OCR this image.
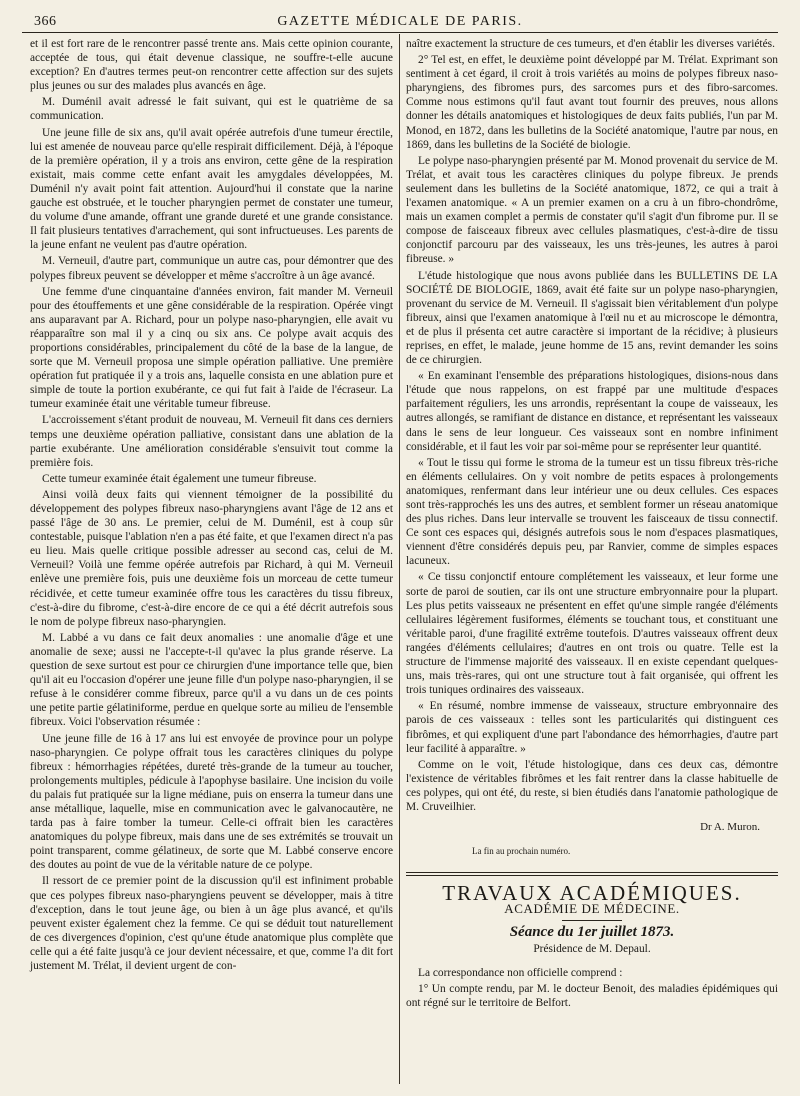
366	GAZETTE MÉDICALE DE PARIS.

et il est fort rare de le rencontrer passé trente ans. Mais cette opinion courante, acceptée de tous, qui était devenue classique, ne souffre-t-elle aucune exception? En d'autres termes peut-on rencontrer cette affection sur des sujets plus jeunes ou sur des malades plus avancés en âge.

M. Duménil avait adressé le fait suivant, qui est le quatrième de sa communication.

Une jeune fille de six ans, qu'il avait opérée autrefois d'une tumeur érectile, lui est amenée de nouveau parce qu'elle respirait difficilement. Déjà, à l'époque de la première opération, il y a trois ans environ, cette gêne de la respiration existait, mais comme cette enfant avait les amygdales développées, M. Duménil n'y avait point fait attention. Aujourd'hui il constate que la narine gauche est obstruée, et le toucher pharyngien permet de constater une tumeur, du volume d'une amande, offrant une grande dureté et une grande consistance. Il fait plusieurs tentatives d'arrachement, qui sont infructueuses. Les parents de la jeune enfant ne veulent pas d'autre opération.

M. Verneuil, d'autre part, communique un autre cas, pour démontrer que des polypes fibreux peuvent se développer et même s'accroître à un âge avancé.

Une femme d'une cinquantaine d'années environ, fait mander M. Verneuil pour des étouffements et une gêne considérable de la respiration. Opérée vingt ans auparavant par A. Richard, pour un polype naso-pharyngien, elle avait vu réapparaître son mal il y a cinq ou six ans. Ce polype avait acquis des proportions considérables, principalement du côté de la base de la langue, de sorte que M. Verneuil proposa une simple opération palliative. Une première opération fut pratiquée il y a trois ans, laquelle consista en une ablation pure et simple de toute la portion exubérante, ce qui fut fait à l'aide de l'écraseur. La tumeur examinée était une véritable tumeur fibreuse.

L'accroissement s'étant produit de nouveau, M. Verneuil fit dans ces derniers temps une deuxième opération palliative, consistant dans une ablation de la partie exubérante. Une amélioration considérable s'ensuivit tout comme la première fois.

Cette tumeur examinée était également une tumeur fibreuse.

Ainsi voilà deux faits qui viennent témoigner de la possibilité du développement des polypes fibreux naso-pharyngiens avant l'âge de 12 ans et passé l'âge de 30 ans. Le premier, celui de M. Duménil, est à coup sûr contestable, puisque l'ablation n'en a pas été faite, et que l'examen direct n'a pas eu lieu. Mais quelle critique possible adresser au second cas, celui de M. Verneuil? Voilà une femme opérée autrefois par Richard, à qui M. Verneuil enlève une première fois, puis une deuxième fois un morceau de cette tumeur récidivée, et cette tumeur examinée offre tous les caractères du tissu fibreux, c'est-à-dire du fibrome, c'est-à-dire encore de ce qui a été décrit autrefois sous le nom de polype fibreux naso-pharyngien.

M. Labbé a vu dans ce fait deux anomalies : une anomalie d'âge et une anomalie de sexe; aussi ne l'accepte-t-il qu'avec la plus grande réserve. La question de sexe surtout est pour ce chirurgien d'une importance telle que, bien qu'il ait eu l'occasion d'opérer une jeune fille d'un polype naso-pharyngien, il se refuse à le considérer comme fibreux, parce qu'il a vu dans un de ces points une petite partie gélatiniforme, perdue en quelque sorte au milieu de l'ensemble fibreux. Voici l'observation résumée :

Une jeune fille de 16 à 17 ans lui est envoyée de province pour un polype naso-pharyngien. Ce polype offrait tous les caractères cliniques du polype fibreux : hémorrhagies répétées, dureté très-grande de la tumeur au toucher, prolongements multiples, pédicule à l'apophyse basilaire. Une incision du voile du palais fut pratiquée sur la ligne médiane, puis on enserra la tumeur dans une anse métallique, laquelle, mise en communication avec le galvanocautère, ne tarda pas à faire tomber la tumeur. Celle-ci offrait bien les caractères anatomiques du polype fibreux, mais dans une de ses extrémités se trouvait un point transparent, comme gélatineux, de sorte que M. Labbé conserve encore des doutes au point de vue de la véritable nature de ce polype.

Il ressort de ce premier point de la discussion qu'il est infiniment probable que ces polypes fibreux naso-pharyngiens peuvent se développer, mais à titre d'exception, dans le tout jeune âge, ou bien à un âge plus avancé, et qu'ils peuvent exister également chez la femme. Ce qui se déduit tout naturellement de ces divergences d'opinion, c'est qu'une étude anatomique plus complète que celle qui a été faite jusqu'à ce jour devient nécessaire, et que, comme l'a dit fort justement M. Trélat, il devient urgent de con-

naître exactement la structure de ces tumeurs, et d'en établir les diverses variétés.

2° Tel est, en effet, le deuxième point développé par M. Trélat. Exprimant son sentiment à cet égard, il croit à trois variétés au moins de polypes fibreux naso-pharyngiens, des fibromes purs, des sarcomes purs et des fibro-sarcomes. Comme nous estimons qu'il faut avant tout fournir des preuves, nous allons donner les détails anatomiques et histologiques de deux faits publiés, l'un par M. Monod, en 1872, dans les bulletins de la Société anatomique, l'autre par nous, en 1869, dans les bulletins de la Société de biologie.

Le polype naso-pharyngien présenté par M. Monod provenait du service de M. Trélat, et avait tous les caractères cliniques du polype fibreux. Je prends seulement dans les bulletins de la Société anatomique, 1872, ce qui a trait à l'examen anatomique. « A un premier examen on a cru à un fibro-chondrôme, mais un examen complet a permis de constater qu'il s'agit d'un fibrome pur. Il se compose de faisceaux fibreux avec cellules plasmatiques, c'est-à-dire de tissu conjonctif parcouru par des vaisseaux, les uns très-jeunes, les autres à paroi fibreuse. »

L'étude histologique que nous avons publiée dans les BULLETINS DE LA SOCIÉTÉ DE BIOLOGIE, 1869, avait été faite sur un polype naso-pharyngien, provenant du service de M. Verneuil. Il s'agissait bien véritablement d'un polype fibreux, ainsi que l'examen anatomique à l'œil nu et au microscope le démontra, et de plus il présenta cet autre caractère si important de la récidive; à plusieurs reprises, en effet, le malade, jeune homme de 15 ans, revint demander les soins de ce chirurgien.

« En examinant l'ensemble des préparations histologiques, disions-nous dans l'étude que nous rappelons, on est frappé par une multitude d'espaces parfaitement réguliers, les uns arrondis, représentant la coupe de vaisseaux, les autres allongés, se ramifiant de distance en distance, et représentant les vaisseaux dans le sens de leur longueur. Ces vaisseaux sont en nombre infiniment considérable, et il faut les voir par soi-même pour se représenter leur quantité.

« Tout le tissu qui forme le stroma de la tumeur est un tissu fibreux très-riche en éléments cellulaires. On y voit nombre de petits espaces à prolongements anatomiques, renfermant dans leur intérieur une ou deux cellules. Ces espaces sont très-rapprochés les uns des autres, et semblent former un réseau anatomique des plus riches. Dans leur intervalle se trouvent les faisceaux de tissu connectif. Ce sont ces espaces qui, désignés autrefois sous le nom d'espaces plasmatiques, viennent d'être considérés depuis peu, par Ranvier, comme de simples espaces lacuneux.

« Ce tissu conjonctif entoure complétement les vaisseaux, et leur forme une sorte de paroi de soutien, car ils ont une structure embryonnaire pour la plupart. Les plus petits vaisseaux ne présentent en effet qu'une simple rangée d'éléments cellulaires légèrement fusiformes, éléments se touchant tous, et constituant une véritable paroi, d'une fragilité extrême toutefois. D'autres vaisseaux offrent deux rangées d'éléments cellulaires; d'autres en ont trois ou quatre. Telle est la structure de l'immense majorité des vaisseaux. Il en existe cependant quelques-uns, mais très-rares, qui ont une structure tout à fait organisée, qui offrent les trois tuniques ordinaires des vaisseaux.

« En résumé, nombre immense de vaisseaux, structure embryonnaire des parois de ces vaisseaux : telles sont les particularités qui distinguent ces fibrômes, et qui expliquent d'une part l'abondance des hémorrhagies, d'autre part leur facilité à apparaître. »

Comme on le voit, l'étude histologique, dans ces deux cas, démontre l'existence de véritables fibrômes et les fait rentrer dans la classe habituelle de ces polypes, qui ont été, du reste, si bien étudiés dans l'anatomie pathologique de M. Cruveilhier.

Dr A. Muron.
La fin au prochain numéro.
TRAVAUX ACADÉMIQUES.
ACADÉMIE DE MÉDECINE.
Séance du 1er juillet 1873.
Présidence de M. Depaul.

La correspondance non officielle comprend :

1° Un compte rendu, par M. le docteur Benoit, des maladies épidémiques qui ont régné sur le territoire de Belfort.
